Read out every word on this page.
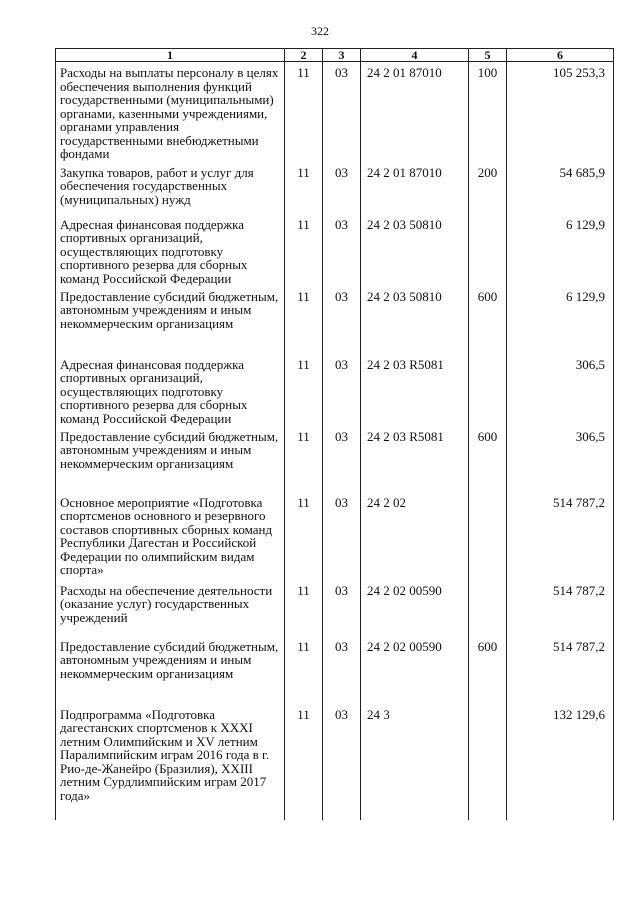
322
1	2	3	4	5	6
Расходы на выплаты персоналу в целях обеспечения выполнения функций государственными (муниципальными) органами, казенными учреждениями, органами управления государственными внебюджетными фондами	11	03	24 2 01 87010	100	105 253,3
Закупка товаров, работ и услуг для обеспечения государственных (муниципальных) нужд	11	03	24 2 01 87010	200	54 685,9
Адресная финансовая поддержка спортивных организаций, осуществляющих подготовку спортивного резерва для сборных команд Российской Федерации	11	03	24 2 03 50810		6 129,9
Предоставление субсидий бюджетным, автономным учреждениям и иным некоммерческим организациям	11	03	24 2 03 50810	600	6 129,9
Адресная финансовая поддержка спортивных организаций, осуществляющих подготовку спортивного резерва для сборных команд Российской Федерации	11	03	24 2 03 R5081		306,5
Предоставление субсидий бюджетным, автономным учреждениям и иным некоммерческим организациям	11	03	24 2 03 R5081	600	306,5
Основное мероприятие «Подготовка спортсменов основного и резервного составов спортивных сборных команд Республики Дагестан и Российской Федерации по олимпийским видам спорта»	11	03	24 2 02		514 787,2
Расходы на обеспечение деятельности (оказание услуг) государственных учреждений	11	03	24 2 02 00590		514 787,2
Предоставление субсидий бюджетным, автономным учреждениям и иным некоммерческим организациям	11	03	24 2 02 00590	600	514 787,2
Подпрограмма «Подготовка дагестанских спортсменов к XXXI летним Олимпийским и XV летним Паралимпийским играм 2016 года в г. Рио-де-Жанейро (Бразилия), XXIII летним Сурдлимпийским играм 2017 года»	11	03	24 3		132 129,6
